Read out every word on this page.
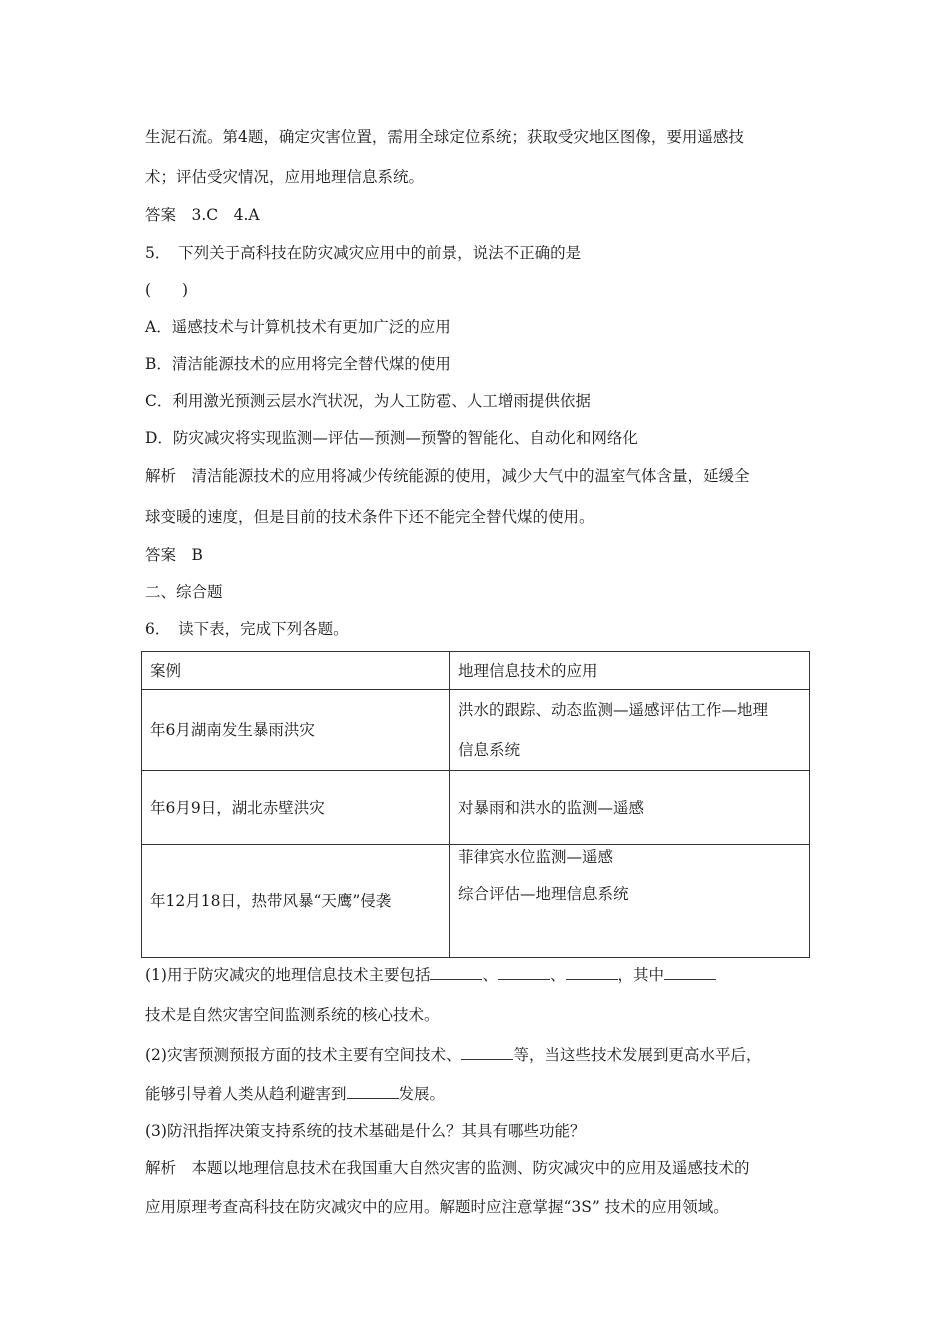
生泥石流。第4题，确定灾害位置，需用全球定位系统；获取受灾地区图像，要用遥感技
术；评估受灾情况，应用地理信息系统。
答案　3.C　4.A
5．　下列关于高科技在防灾减灾应用中的前景，说法不正确的是
(　　)
A．遥感技术与计算机技术有更加广泛的应用
B．清洁能源技术的应用将完全替代煤的使用
C．利用激光预测云层水汽状况，为人工防雹、人工增雨提供依据
D．防灾减灾将实现监测—评估—预测—预警的智能化、自动化和网络化
解析　清洁能源技术的应用将减少传统能源的使用，减少大气中的温室气体含量，延缓全
球变暖的速度，但是目前的技术条件下还不能完全替代煤的使用。
答案　B
二、综合题
6．　读下表，完成下列各题。
案例	地理信息技术的应用
年6月湖南发生暴雨洪灾	洪水的跟踪、动态监测—遥感评估工作—地理
信息系统

年6月9日，湖北赤壁洪灾	对暴雨和洪水的监测—遥感
年12月18日，热带风暴“天鹰”侵袭	菲律宾水位监测—遥感
综合评估—地理信息系统
(1)用于防灾减灾的地理信息技术主要包括	、	、	，其中
技术是自然灾害空间监测系统的核心技术。
(2)灾害预测预报方面的技术主要有空间技术、	等，当这些技术发展到更高水平后，
能够引导着人类从趋利避害到	发展。
(3)防汛指挥决策支持系统的技术基础是什么？其具有哪些功能？
解析　本题以地理信息技术在我国重大自然灾害的监测、防灾减灾中的应用及遥感技术的
应用原理考查高科技在防灾减灾中的应用。解题时应注意掌握“3S” 技术的应用领域。
